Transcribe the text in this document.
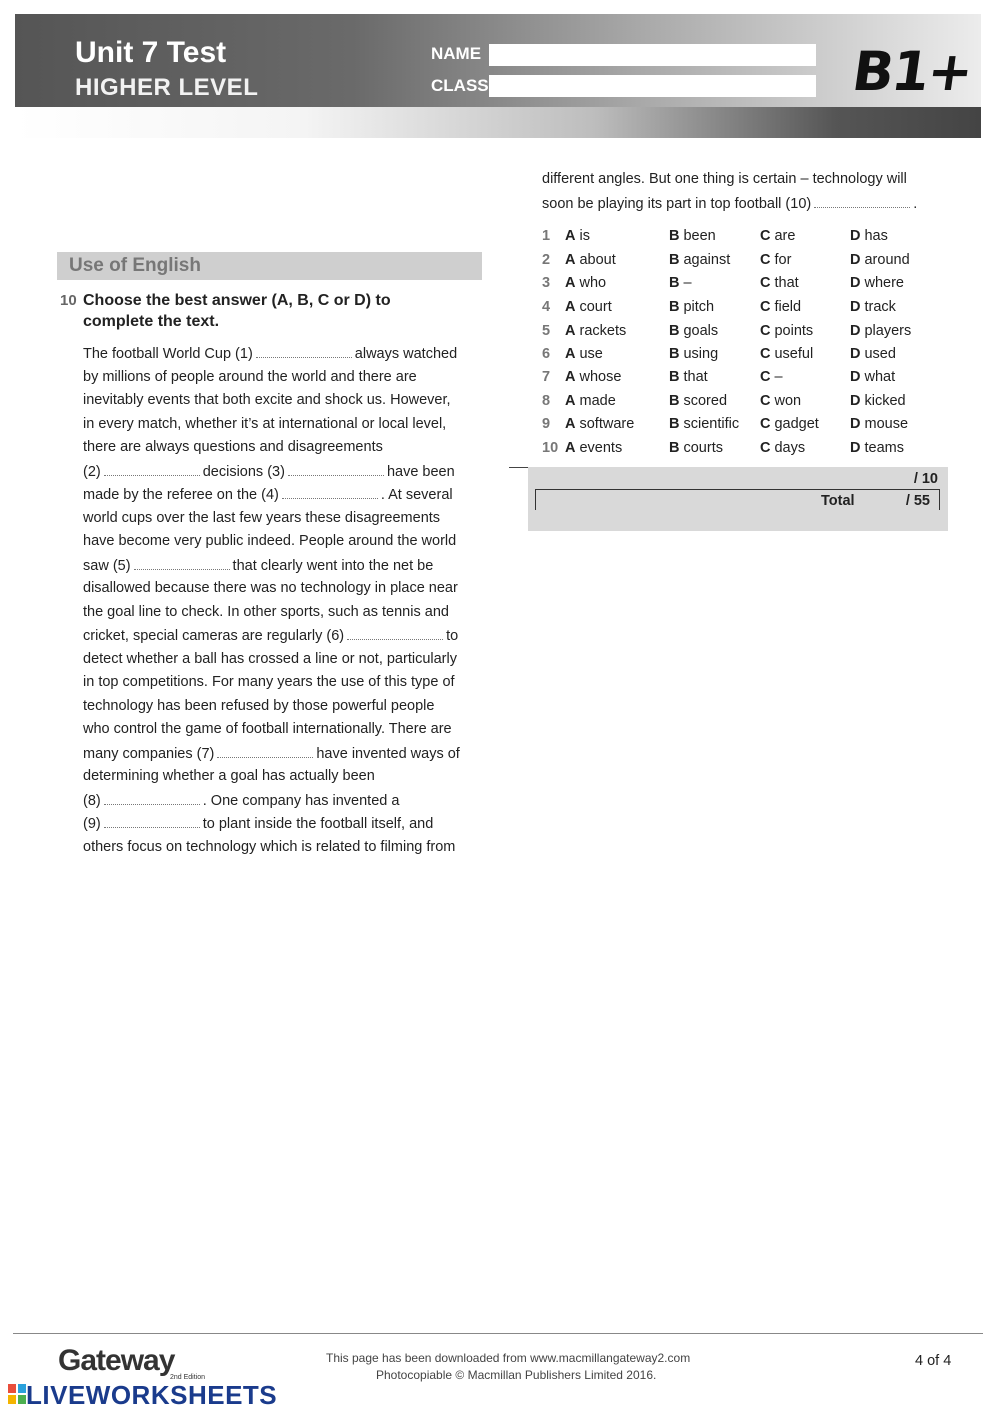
Unit 7 Test
HIGHER LEVEL
NAME
CLASS	B1+
Use of English
10 Choose the best answer (A, B, C or D) to complete the text.
The football World Cup (1)	always watched
by millions of people around the world and there are
inevitably events that both excite and shock us. However,
in every match, whether it’s at international or local level,
there are always questions and disagreements
(2)	decisions (3)	have been
made by the referee on the (4)	. At several
world cups over the last few years these disagreements
have become very public indeed. People around the world
saw (5)	that clearly went into the net be
disallowed because there was no technology in place near
the goal line to check. In other sports, such as tennis and
cricket, special cameras are regularly (6)	to
detect whether a ball has crossed a line or not, particularly
in top competitions. For many years the use of this type of
technology has been refused by those powerful people
who control the game of football internationally. There are
many companies (7)	have invented ways of
determining whether a goal has actually been
(8)	. One company has invented a
(9)	to plant inside the football itself, and
others focus on technology which is related to filming from
different angles. But one thing is certain – technology will
soon be playing its part in top football (10)	.
1 A is	B been	C are	D has
2 A about	B against C for	D around
3 A who	B –	C that	D where
4 A court	B pitch	C field	D track
5 A rackets	B goals	C points	D players
6 A use	B using	C useful	D used
7 A whose	B that	C –	D what
8 A made	B scored C won	D kicked
9 A software B scientific C gadget D mouse
10 A events	B courts	C days	D teams
/ 10
Total	/ 55
Gateway
2nd Edition
LIVEWORKSHEETS
This page has been downloaded from www.macmillangateway2.com
Photocopiable © Macmillan Publishers Limited 2016.
4 of 4
